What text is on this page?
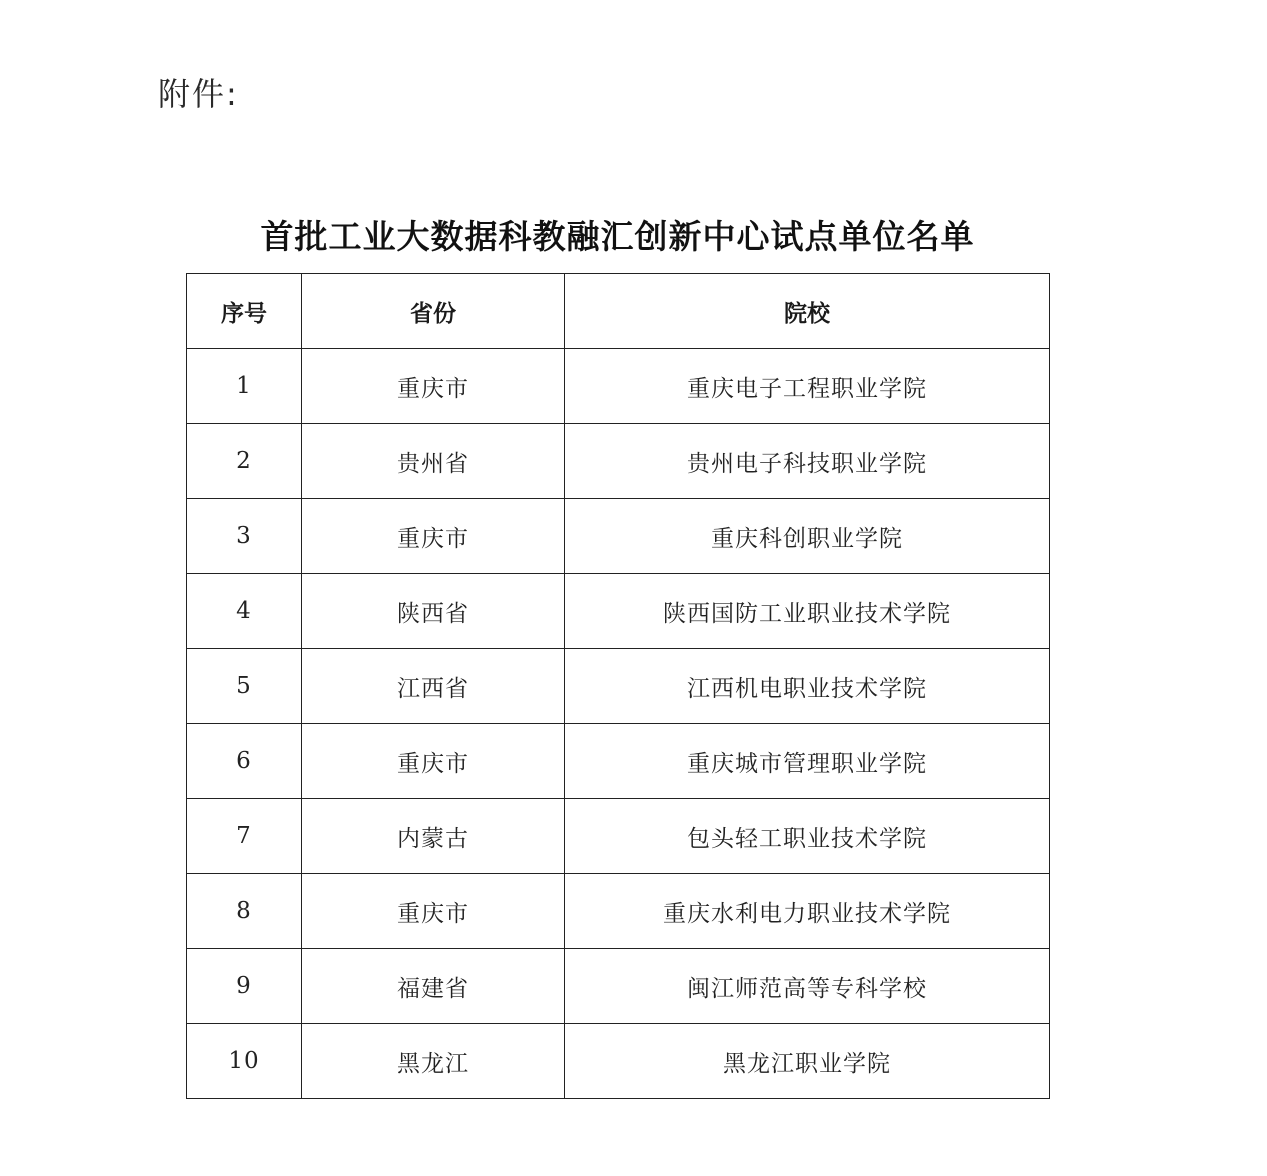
附件:
首批工业大数据科教融汇创新中心试点单位名单
序号	省份	院校
1	重庆市	重庆电子工程职业学院
2	贵州省	贵州电子科技职业学院
3	重庆市	重庆科创职业学院
4	陕西省	陕西国防工业职业技术学院
5	江西省	江西机电职业技术学院
6	重庆市	重庆城市管理职业学院
7	内蒙古	包头轻工职业技术学院
8	重庆市	重庆水利电力职业技术学院
9	福建省	闽江师范高等专科学校
10	黑龙江	黑龙江职业学院
